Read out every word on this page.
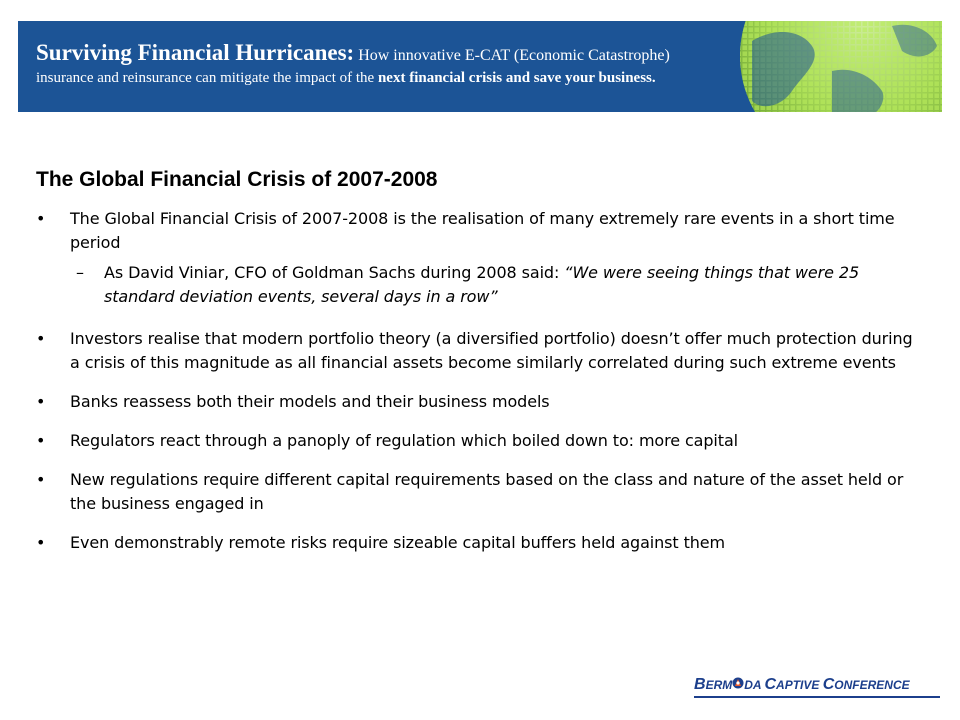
Surviving Financial Hurricanes: How innovative E-CAT (Economic Catastrophe)
insurance and reinsurance can mitigate the impact of the next financial crisis and save your business.
The Global Financial Crisis of 2007-2008
• The Global Financial Crisis of 2007-2008 is the realisation of many extremely rare events in a short time period
– As David Viniar, CFO of Goldman Sachs during 2008 said: “We were seeing things that were 25 standard deviation events, several days in a row”
• Investors realise that modern portfolio theory (a diversified portfolio) doesn’t offer much protection during a crisis of this magnitude as all financial assets become similarly correlated during such extreme events
• Banks reassess both their models and their business models
• Regulators react through a panoply of regulation which boiled down to: more capital
• New regulations require different capital requirements based on the class and nature of the asset held or the business engaged in
• Even demonstrably remote risks require sizeable capital buffers held against them
BERM DA CAPTIVE CONFERENCE
